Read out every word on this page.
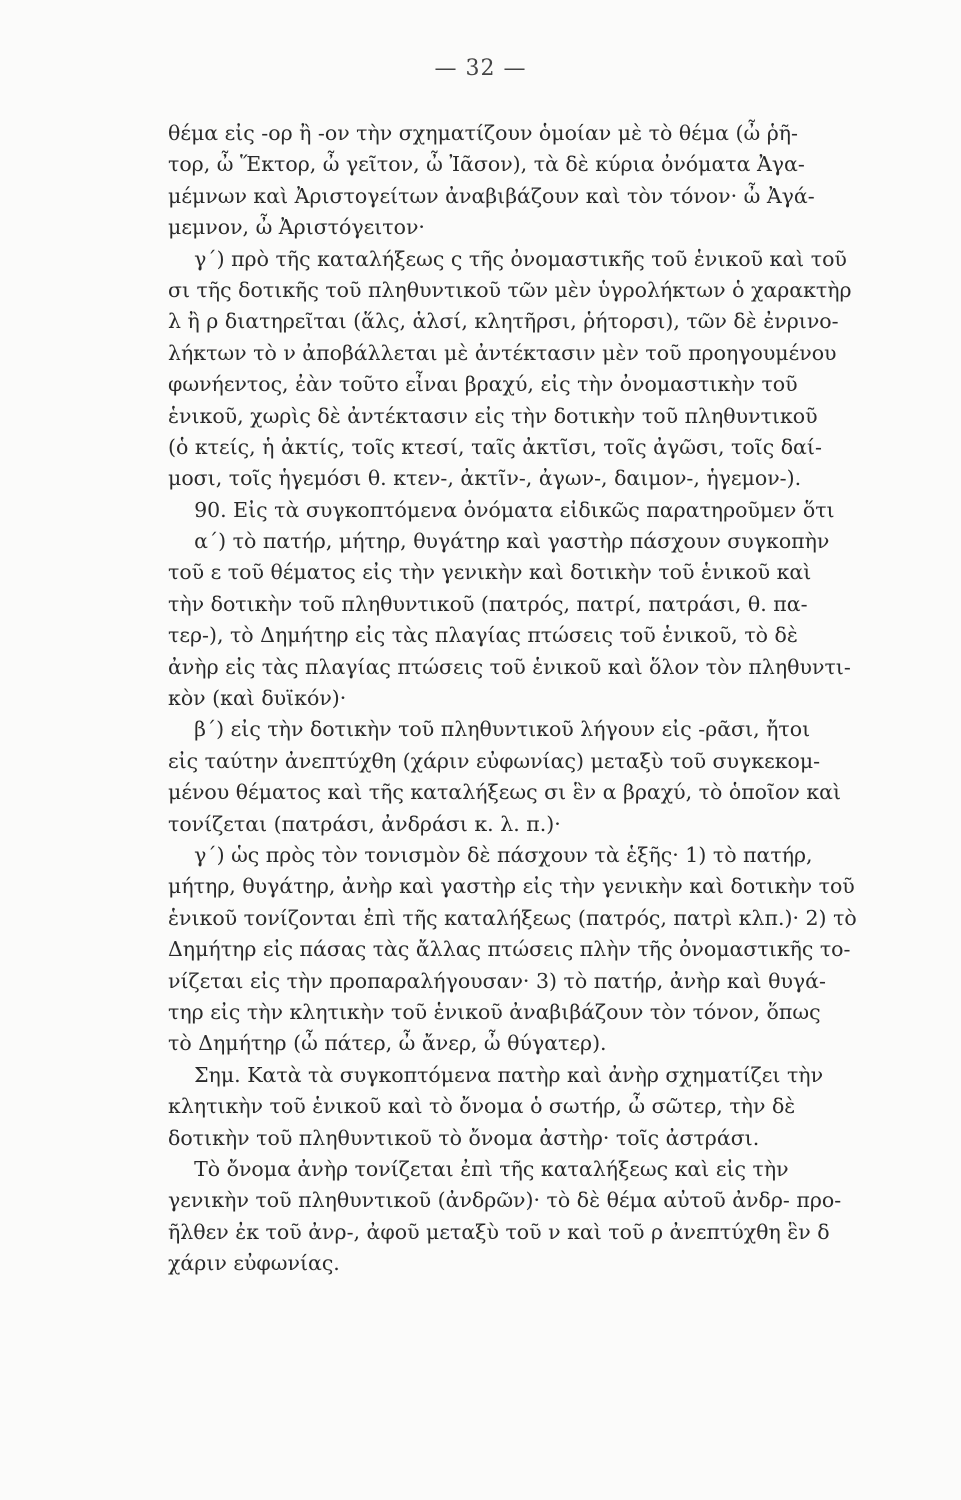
— 32 —
θέμα εἰς -ορ ἢ -ον τὴν σχηματίζουν ὁμοίαν μὲ τὸ θέμα (ὦ ῥῆ-
τορ, ὦ Ἕκτορ, ὦ γεῖτον, ὦ Ἰᾶσον), τὰ δὲ κύρια ὀνόματα Ἀγα-
μέμνων καὶ Ἀριστογείτων ἀναβιβάζουν καὶ τὸν τόνον· ὦ Ἀγά-
μεμνον, ὦ Ἀριστόγειτον·
γ΄) πρὸ τῆς καταλήξεως ς τῆς ὀνομαστικῆς τοῦ ἑνικοῦ καὶ τοῦ
σι τῆς δοτικῆς τοῦ πληθυντικοῦ τῶν μὲν ὑγρολήκτων ὁ χαρακτὴρ
λ ἢ ρ διατηρεῖται (ἅλς, ἁλσί, κλητῆρσι, ῥήτορσι), τῶν δὲ ἐνρινο-
λήκτων τὸ ν ἀποβάλλεται μὲ ἀντέκτασιν μὲν τοῦ προηγουμένου
φωνήεντος, ἐὰν τοῦτο εἶναι βραχύ, εἰς τὴν ὀνομαστικὴν τοῦ
ἑνικοῦ, χωρὶς δὲ ἀντέκτασιν εἰς τὴν δοτικὴν τοῦ πληθυντικοῦ
(ὁ κτείς, ἡ ἀκτίς, τοῖς κτεσί, ταῖς ἀκτῖσι, τοῖς ἀγῶσι, τοῖς δαί-
μοσι, τοῖς ἡγεμόσι θ. κτεν-, ἀκτῖν-, ἀγων-, δαιμον-, ἡγεμον-).
90. Εἰς τὰ συγκοπτόμενα ὀνόματα εἰδικῶς παρατηροῦμεν ὅτι
α΄) τὸ πατήρ, μήτηρ, θυγάτηρ καὶ γαστὴρ πάσχουν συγκοπὴν
τοῦ ε τοῦ θέματος εἰς τὴν γενικὴν καὶ δοτικὴν τοῦ ἑνικοῦ καὶ
τὴν δοτικὴν τοῦ πληθυντικοῦ (πατρός, πατρί, πατράσι, θ. πα-
τερ-), τὸ Δημήτηρ εἰς τὰς πλαγίας πτώσεις τοῦ ἑνικοῦ, τὸ δὲ
ἀνὴρ εἰς τὰς πλαγίας πτώσεις τοῦ ἑνικοῦ καὶ ὅλον τὸν πληθυντι-
κὸν (καὶ δυϊκόν)·
β΄) εἰς τὴν δοτικὴν τοῦ πληθυντικοῦ λήγουν εἰς -ρᾶσι, ἤτοι
εἰς ταύτην ἀνεπτύχθη (χάριν εὐφωνίας) μεταξὺ τοῦ συγκεκομ-
μένου θέματος καὶ τῆς καταλήξεως σι ἓν α βραχύ, τὸ ὁποῖον καὶ
τονίζεται (πατράσι, ἀνδράσι κ. λ. π.)·
γ΄) ὡς πρὸς τὸν τονισμὸν δὲ πάσχουν τὰ ἑξῆς· 1) τὸ πατήρ,
μήτηρ, θυγάτηρ, ἀνὴρ καὶ γαστὴρ εἰς τὴν γενικὴν καὶ δοτικὴν τοῦ
ἑνικοῦ τονίζονται ἐπὶ τῆς καταλήξεως (πατρός, πατρὶ κλπ.)· 2) τὸ
Δημήτηρ εἰς πάσας τὰς ἄλλας πτώσεις πλὴν τῆς ὀνομαστικῆς το-
νίζεται εἰς τὴν προπαραλήγουσαν· 3) τὸ πατήρ, ἀνὴρ καὶ θυγά-
τηρ εἰς τὴν κλητικὴν τοῦ ἑνικοῦ ἀναβιβάζουν τὸν τόνον, ὅπως
τὸ Δημήτηρ (ὦ πάτερ, ὦ ἄνερ, ὦ θύγατερ).
Σημ. Κατὰ τὰ συγκοπτόμενα πατὴρ καὶ ἀνὴρ σχηματίζει τὴν
κλητικὴν τοῦ ἑνικοῦ καὶ τὸ ὄνομα ὁ σωτήρ, ὦ σῶτερ, τὴν δὲ
δοτικὴν τοῦ πληθυντικοῦ τὸ ὄνομα ἀστὴρ· τοῖς ἀστράσι.
Τὸ ὄνομα ἀνὴρ τονίζεται ἐπὶ τῆς καταλήξεως καὶ εἰς τὴν
γενικὴν τοῦ πληθυντικοῦ (ἀνδρῶν)· τὸ δὲ θέμα αὐτοῦ ἀνδρ- προ-
ῆλθεν ἐκ τοῦ ἀνρ-, ἀφοῦ μεταξὺ τοῦ ν καὶ τοῦ ρ ἀνεπτύχθη ἓν δ
χάριν εὐφωνίας.
